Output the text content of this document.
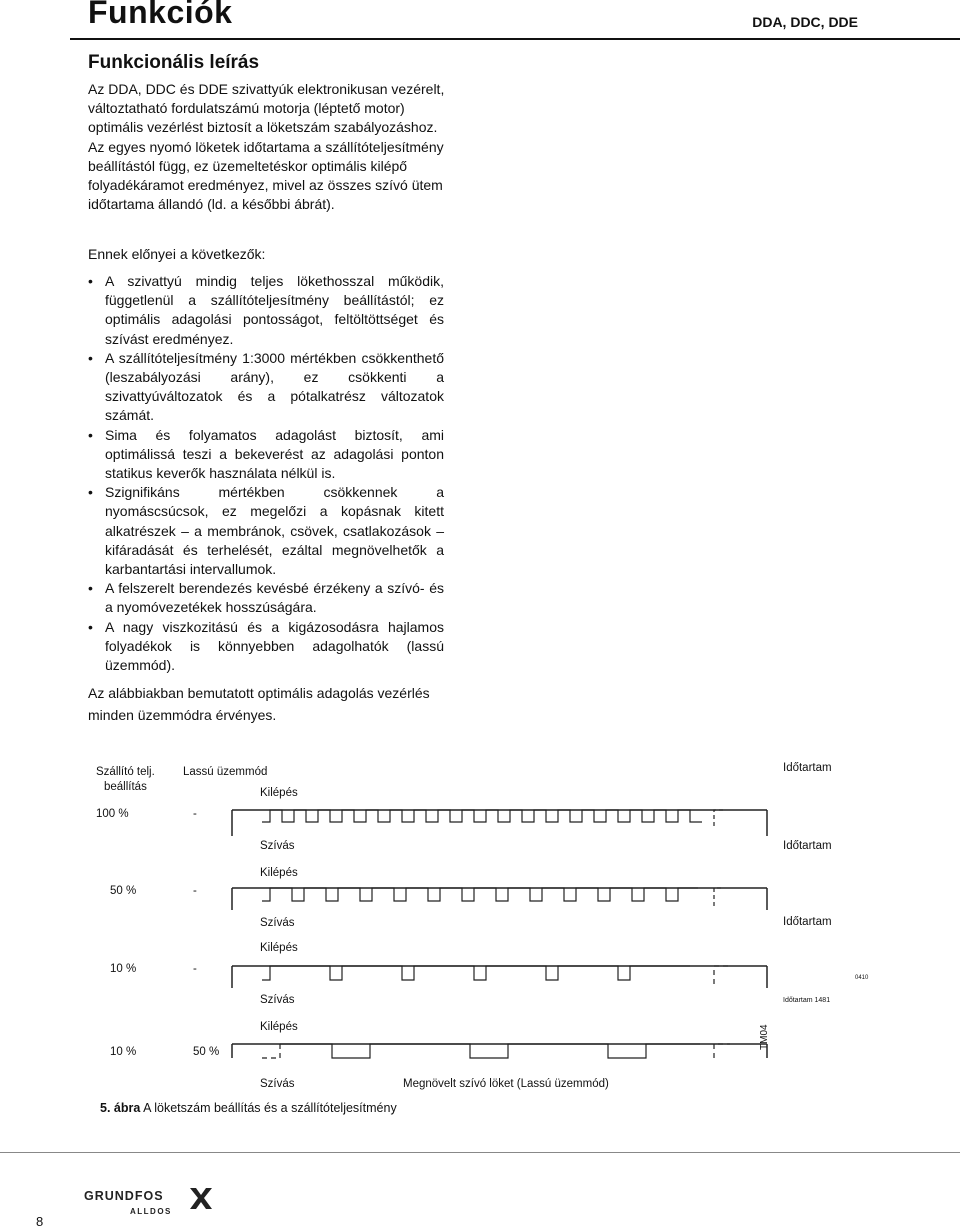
Funkciók	DDA, DDC, DDE
Funkcionális leírás
Az DDA, DDC és DDE szivattyúk elektronikusan vezérelt, változtatható fordulatszámú motorja (léptető motor) optimális vezérlést biztosít a löketszám szabályozáshoz. Az egyes nyomó löketek időtartama a szállítóteljesítmény beállítástól függ, ez üzemeltetéskor optimális kilépő folyadékáramot eredményez, mivel az összes szívó ütem időtartama állandó (ld. a későbbi ábrát).
Ennek előnyei a következők:
• A szivattyú mindig teljes lökethosszal működik, függetlenül a szállítóteljesítmény beállítástól; ez optimális adagolási pontosságot, feltöltöttséget és szívást eredményez.
• A szállítóteljesítmény 1:3000 mértékben csökkenthető (leszabályozási arány), ez csökkenti a szivattyúváltozatok és a pótalkatrész változatok számát.
• Sima és folyamatos adagolást biztosít, ami optimálissá teszi a bekeverést az adagolási ponton statikus keverők használata nélkül is.
• Szignifikáns mértékben csökkennek a nyomáscsúcsok, ez megelőzi a kopásnak kitett alkatrészek – a membránok, csövek, csatlakozások – kifáradását és terhelését, ezáltal megnövelhetők a karbantartási intervallumok.
• A felszerelt berendezés kevésbé érzékeny a szívó- és a nyomóvezetékek hosszúságára.
• A nagy viszkozitású és a kigázosodásra hajlamos folyadékok is könnyebben adagolhatók (lassú üzemmód).
Az alábbiakban bemutatott optimális adagolás vezérlés minden üzemmódra érvényes.
Szállító telj.
beállítás
Lassú üzemmód
100 %	-
Kilépés
Szívás
Időtartam
50 %	-
Kilépés
Szívás
Időtartam
10 %	-
Kilépés
Szívás
Időtartam
10 %	50 %
Kilépés
Szívás	Megnövelt szívó löket (Lassú üzemmód)
0410
Időtartam 1481
TM04
5. ábra A löketszám beállítás és a szállítóteljesítmény
8
GRUNDFOS
ALLDOS
